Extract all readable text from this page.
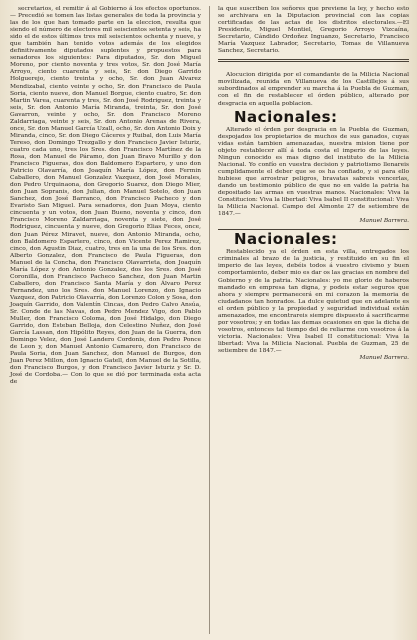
secretarios, el remitir á al Gobierno á los efectos oportunos.— Precedió se tomen las listas generales de toda la provincia y las de los que han tomado parte en la eleccion, resulta que siendo el número de electores mil seiscientos setenta y seis, ha sido el de estos últimos tres mil seiscientos ochenta y nueve, y que también han tenido votos además de los elegidos definitivamente diputados suplentes y propuestos para senadores los siguientes: Para diputados, Sr. don Miguel Moreno, por ciento noventa y tres votos, Sr. don José María Arroyo, ciento cuarenta y seis, Sr. don Diego Garrido Holguerejo, ciento treinta y ocho, Sr. don Juan Alvarez Mendizabal, ciento veinte y ocho, Sr. don Francisco de Paula Soria, ciento nueve, don Manuel Borgue, ciento cuatro, Sr. don Martin Varea, cuarenta y tres, Sr. don José Rodriguez, treinta y seis, Sr. don Antonio María Miranda, treinta, Sr. don José Gavarron, veinte y ocho, Sr. don Francisco Moreno Zaldarriaga, veinte y seis, Sr. don Antonio Arenas de Rivera, once, Sr. don Manuel García Uzall, ocho, Sr. don Antonio Doix y Miranda, cinco, Sr. don Diego Cáceres y Ruibal, don Luis María Tereso, don Domingo Trezgallo y don Francisco Javier Isturiz, cuatro cada uno, tres los Sres. don Francisco Martínez de la Rosa, don Manuel de Páramo, don Juan Bravo Murillo y don Francisco Figueras, dos don Baldomero Espartero, y uno don Patricio Olavarría, don Joaquín María López, don Fermin Caballero, don Manuel Gonzalez Vazquez, don José Morales, don Pedro Urquinaona, don Gregorio Suarez, don Diego Mier, don Juan Sopranis, don Julian, don Manuel Sotelo, don Juan Sanchez, don José Barranco, don Francisco Pacheco y don Evaristo San Miguel. Para senadores, don Juan Moya, ciento cincuenta y un votos, don Juan Bueno, noventa y cinco, don Francisco Moreno Zaldarriaga, noventa y siete, don José Rodriguez, cincuenta y nueve, don Gregorio Elias Feces, once, don Juan Pérez Miravet, nueve, don Antonio Miranda, ocho, don Baldomero Espartero, cinco, don Vicente Perez Ramirez, cinco, don Agustin Diaz, cuatro, tres en la una de los Sres. don Alberto Gonzalez, don Francisco de Paula Figueras, don Manuel de la Concha, don Francisco Olavarrieta, don Joaquín María López y don Antonio Gonzalez, dos los Sres. don José Coronilla, don Francisco Pacheco Sanchez, don Juan Martin Caballero, don Francisco Santa María y don Álvaro Perez Fernandez, uno los Sres. don Manuel Lorenzo, don Ignacio Vazquez, don Patricio Olavarría, don Lorenzo Colon y Sosa, don Joaquín Garrido, don Valentín Cincas, don Pedro Calvo Ansúa, Sr. Conde de las Navas, don Pedro Mendez Vigo, don Pablo Muller, don Francisco Coloma, don José Hidalgo, don Diego Garrido, don Esteban Belloja, don Celestino Nuñez, don José García Lassan, don Hipólito Reyes, don Juan de la Guerra, don Domingo Velez, don José Landero Cordonis, don Pedro Ponce de Leon y, don Manuel Antonio Camarero, don Francisco de Paula Soria, don Juan Sanchez, don Manuel de Burgos, don Juan Perez Millon, don Ignacio Gatell, don Manuel de la Sotilla, don Francisco Burgos, y don Francisco Javier Isturiz y Sr. D. José de Cordoba.— Con lo que se dió por terminada esta acta de

la que suscriben los señores que previene la ley, y hecho esto se archivara en la Diputacion provincial con las copias certificadas de las actas de los distritos electorales.—El Presidente, Miguel Montiel, Gregorio Arroyo Vizcaína, Secretario, Cándido Ordoñez Inguanzo, Secretario, Francisco María Vazquez Labrador, Secretario, Tomas de Villanueva Sanchez, Secretario.

Alocucion dirigida por el comandante de la Milicia Nacional movilizada, reunida en Villanueva de los Castillejos á sus subordinados al emprender su marcha á la Puebla de Guzman, con el fin de restablecer el órden público, alterado por desgracia en aquella poblacion.

Nacionales:

Alterado el órden por desgracia en la Puebla de Guzman, despojados los propietarios de muchos de sus ganados, cuyas vidas están tambien amenazadas, nuestra mision tiene por objeto restablecer allí á toda costa el imperio de las leyes. Ningun conocido es mas digno del instituto de la Milicia Nacional. Yo confío en vuestra decision y patriotismo llenareis cumplidamente el deber que se os ha confiado, y si para ello hubiese que arrostrar peligros, bravatas sabreis vencerlas, dando un testimonio público de que no en valde la patria ha depositado las armas en vuestras manos. Nacionales: Viva la Constitucion: Viva la libertad: Viva Isabel II constitucional: Viva la Milicia Nacional. Campo del Almonte 27 de setiembre de 1847.—

Manuel Barrera.

Nacionales:

Restablecido ya el órden en esta villa, entregados los criminales al brazo de la justicia, y restituido en su fin el imperio de las leyes, debéis todos á vuestro civismo y buen comportamiento, deber mio es dar os las gracias en nombre del Gobierno y de la patria. Nacionales: yo me glorio de haberos mandado en empresa tan digna, y podeis estar seguros que ahora y siempre permanecerá en mi corazon la memoria de ciudadanos tan honrados. La dulce quietud que en adelante es el orden público y la propiedad y seguridad individual están amenazados, me encontrareis siempre dispuesto á sacrificarme por vosotros; y en todas las demas ocasiones en que la dicha de vosotros, entonces tal tiempo del de reliarme con vosotros á la victoria. Nacionales: Viva Isabel II constitucional: Viva la libertad: Viva la Milicia Nacional. Puebla de Guzman, 25 de setiembre de 1847.—

Manuel Barrera.
